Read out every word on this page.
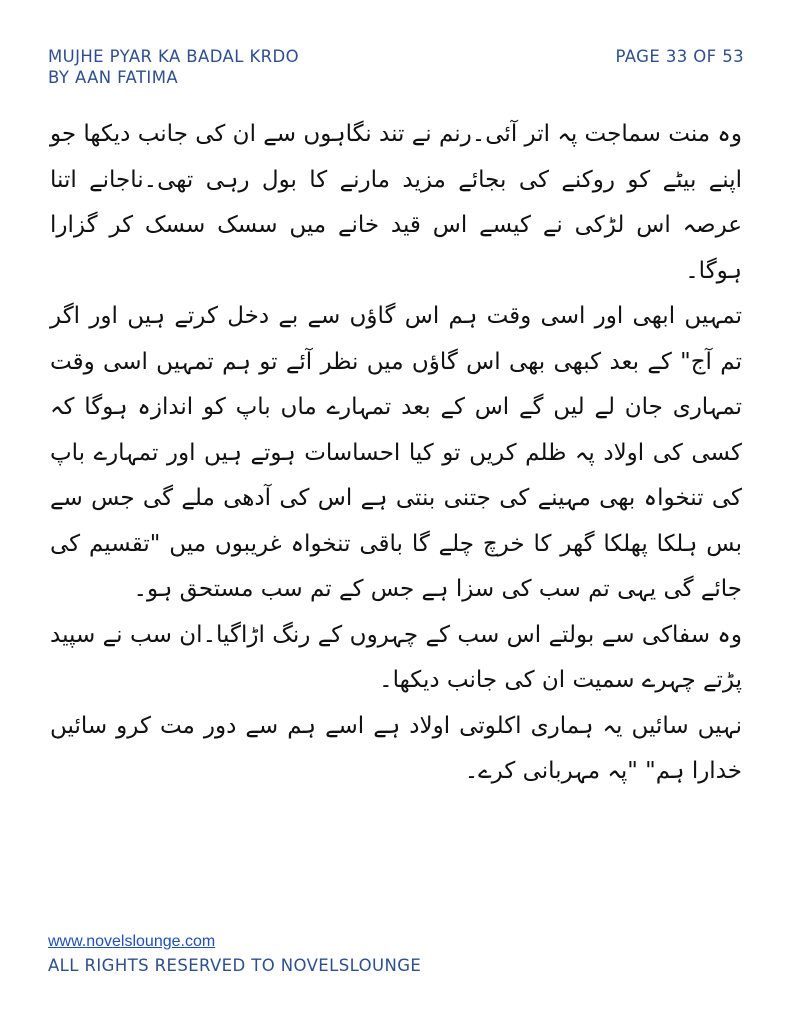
MUJHE PYAR KA BADAL KRDO
BY AAN FATIMA
PAGE 33 OF 53

وہ منت سماجت پہ اتر آئی۔رنم نے تند نگاہوں سے ان کی جانب دیکھا جو اپنے بیٹے کو روکنے کی بجائے مزید مارنے کا بول رہی تھی۔ناجانے اتنا عرصہ اس لڑکی نے کیسے اس قید خانے میں سسک سسک کر گزارا ہوگا۔

تمہیں ابھی اور اسی وقت ہم اس گاؤں سے بے دخل کرتے ہیں اور اگر تم آج" کے بعد کبھی بھی اس گاؤں میں نظر آئے تو ہم تمہیں اسی وقت تمہاری جان لے لیں گے اس کے بعد تمہارے ماں باپ کو اندازہ ہوگا کہ کسی کی اولاد پہ ظلم کریں تو کیا احساسات ہوتے ہیں اور تمہارے باپ کی تنخواہ بھی مہینے کی جتنی بنتی ہے اس کی آدھی ملے گی جس سے بس ہلکا پھلکا گھر کا خرچ چلے گا باقی تنخواہ غریبوں میں "تقسیم کی جائے گی یہی تم سب کی سزا ہے جس کے تم سب مستحق ہو۔

وہ سفاکی سے بولتے اس سب کے چہروں کے رنگ اڑاگیا۔ان سب نے سپید پڑتے چہرے سمیت ان کی جانب دیکھا۔

نہیں سائیں یہ ہماری اکلوتی اولاد ہے اسے ہم سے دور مت کرو سائیں خدارا ہم" "پہ مہربانی کرے۔

www.novelslounge.com
ALL RIGHTS RESERVED TO NOVELSLOUNGE
